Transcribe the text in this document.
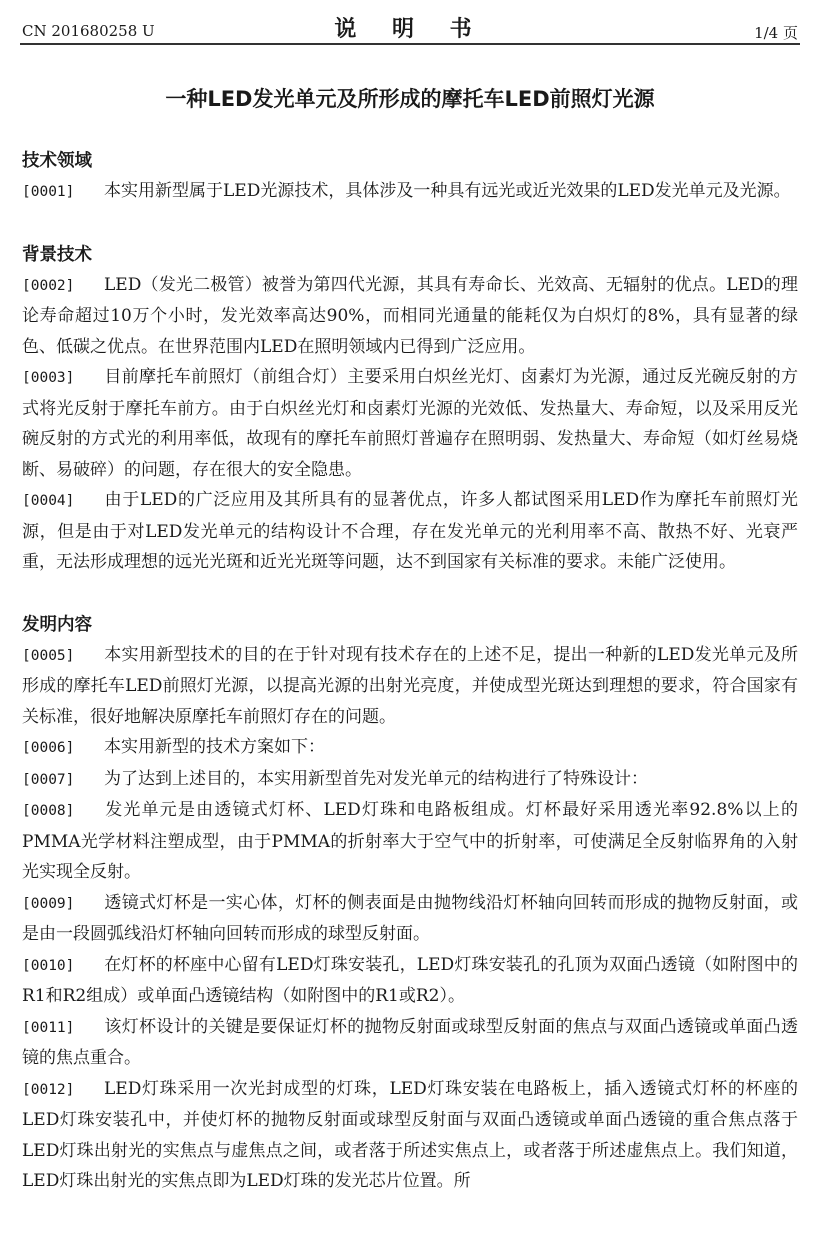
CN 201680258 U	说 明 书	1/4 页
一种LED发光单元及所形成的摩托车LED前照灯光源
技术领域
[0001] 本实用新型属于LED光源技术，具体涉及一种具有远光或近光效果的LED发光单元及光源。
背景技术
[0002] LED（发光二极管）被誉为第四代光源，其具有寿命长、光效高、无辐射的优点。LED的理论寿命超过10万个小时，发光效率高达90%，而相同光通量的能耗仅为白炽灯的8%，具有显著的绿色、低碳之优点。在世界范围内LED在照明领域内已得到广泛应用。
[0003] 目前摩托车前照灯（前组合灯）主要采用白炽丝光灯、卤素灯为光源，通过反光碗反射的方式将光反射于摩托车前方。由于白炽丝光灯和卤素灯光源的光效低、发热量大、寿命短，以及采用反光碗反射的方式光的利用率低，故现有的摩托车前照灯普遍存在照明弱、发热量大、寿命短（如灯丝易烧断、易破碎）的问题，存在很大的安全隐患。
[0004] 由于LED的广泛应用及其所具有的显著优点，许多人都试图采用LED作为摩托车前照灯光源，但是由于对LED发光单元的结构设计不合理，存在发光单元的光利用率不高、散热不好、光衰严重，无法形成理想的远光光斑和近光光斑等问题，达不到国家有关标准的要求。未能广泛使用。
发明内容
[0005] 本实用新型技术的目的在于针对现有技术存在的上述不足，提出一种新的LED发光单元及所形成的摩托车LED前照灯光源，以提高光源的出射光亮度，并使成型光斑达到理想的要求，符合国家有关标准，很好地解决原摩托车前照灯存在的问题。
[0006] 本实用新型的技术方案如下：
[0007] 为了达到上述目的，本实用新型首先对发光单元的结构进行了特殊设计：
[0008] 发光单元是由透镜式灯杯、LED灯珠和电路板组成。灯杯最好采用透光率92.8%以上的PMMA光学材料注塑成型，由于PMMA的折射率大于空气中的折射率，可使满足全反射临界角的入射光实现全反射。
[0009] 透镜式灯杯是一实心体，灯杯的侧表面是由抛物线沿灯杯轴向回转而形成的抛物反射面，或是由一段圆弧线沿灯杯轴向回转而形成的球型反射面。
[0010] 在灯杯的杯座中心留有LED灯珠安装孔，LED灯珠安装孔的孔顶为双面凸透镜（如附图中的R1和R2组成）或单面凸透镜结构（如附图中的R1或R2）。
[0011] 该灯杯设计的关键是要保证灯杯的抛物反射面或球型反射面的焦点与双面凸透镜或单面凸透镜的焦点重合。
[0012] LED灯珠采用一次光封成型的灯珠，LED灯珠安装在电路板上，插入透镜式灯杯的杯座的LED灯珠安装孔中，并使灯杯的抛物反射面或球型反射面与双面凸透镜或单面凸透镜的重合焦点落于LED灯珠出射光的实焦点与虚焦点之间，或者落于所述实焦点上，或者落于所述虚焦点上。我们知道，LED灯珠出射光的实焦点即为LED灯珠的发光芯片位置。所
